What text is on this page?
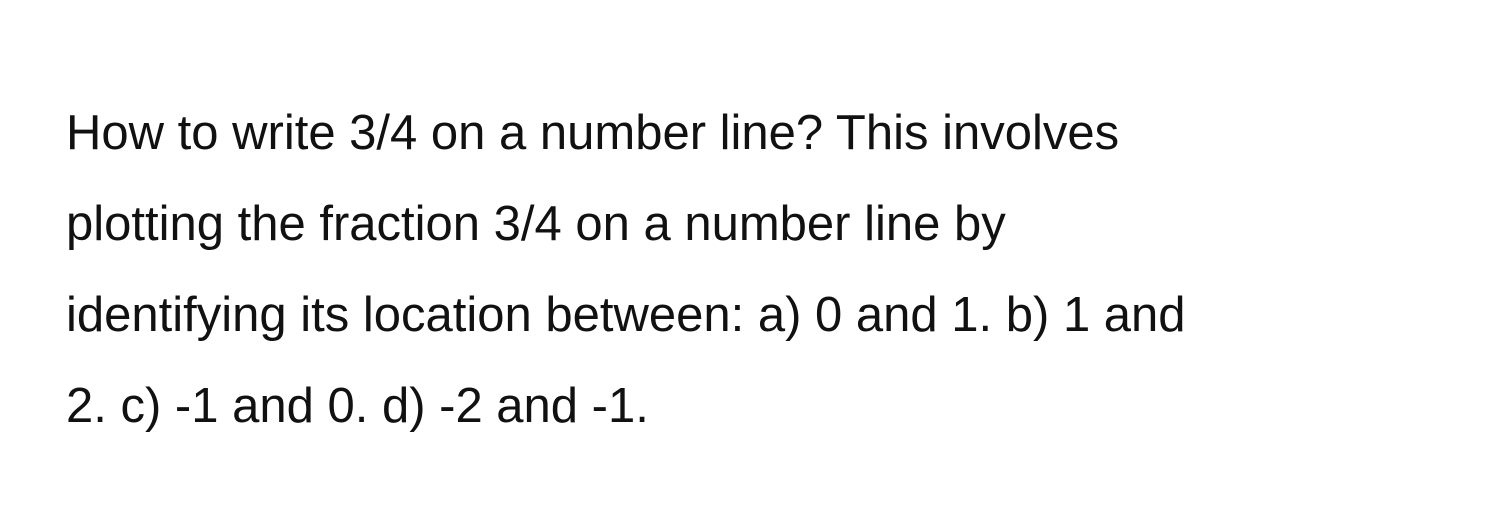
How to write 3/4 on a number line? This involves
plotting the fraction 3/4 on a number line by
identifying its location between: a) 0 and 1. b) 1 and
2. c) -1 and 0. d) -2 and -1.
